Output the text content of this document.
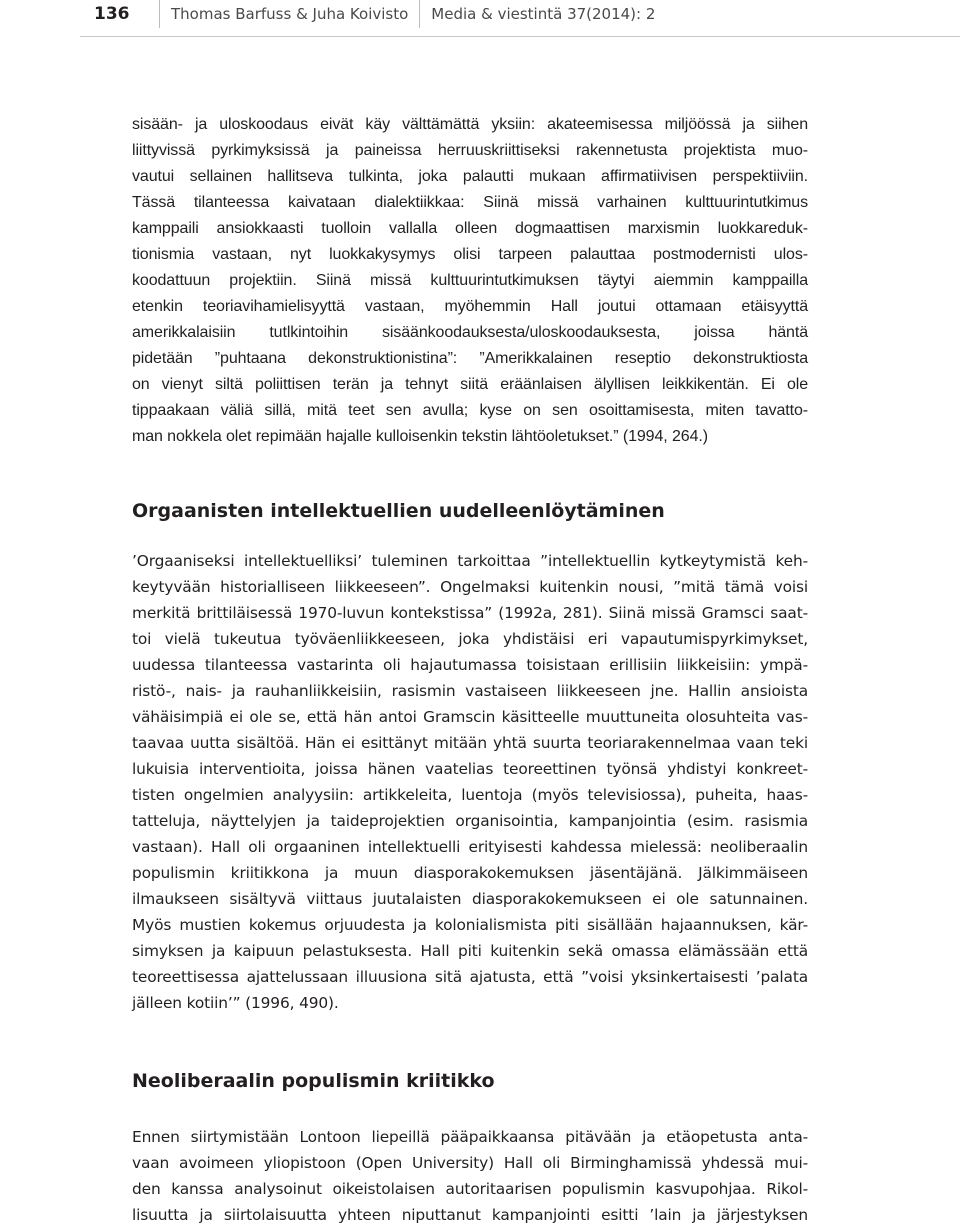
136	Thomas Barfuss & Juha Koivisto Media & viestintä 37(2014): 2
sisään- ja uloskoodaus eivät käy välttämättä yksiin: akateemisessa miljöössä ja siihen
liittyvissä pyrkimyksissä ja paineissa herruuskriittiseksi rakennetusta projektista muo-
vautui sellainen hallitseva tulkinta, joka palautti mukaan affirmatiivisen perspektiiviin.
Tässä tilanteessa kaivataan dialektiikkaa: Siinä missä varhainen kulttuurintutkimus
kamppaili ansiokkaasti tuolloin vallalla olleen dogmaattisen marxismin luokkareduk-
tionismia vastaan, nyt luokkakysymys olisi tarpeen palauttaa postmodernisti ulos-
koodattuun projektiin. Siinä missä kulttuurintutkimuksen täytyi aiemmin kamppailla
etenkin teoriavihamielisyyttä vastaan, myöhemmin Hall joutui ottamaan etäisyyttä
amerikkalaisiin tutlkintoihin sisäänkoodauksesta/uloskoodauksesta, joissa häntä
pidetään ”puhtaana dekonstruktionistina”: ”Amerikkalainen reseptio dekonstruktiosta
on vienyt siltä poliittisen terän ja tehnyt siitä eräänlaisen älyllisen leikkikentän. Ei ole
tippaakaan väliä sillä, mitä teet sen avulla; kyse on sen osoittamisesta, miten tavatto-
man nokkela olet repimään hajalle kulloisenkin tekstin lähtöoletukset.” (1994, 264.)
Orgaanisten intellektuellien uudelleenlöytäminen
’Orgaaniseksi intellektuelliksi’ tuleminen tarkoittaa ”intellektuellin kytkeytymistä keh-
keytyvään historialliseen liikkeeseen”. Ongelmaksi kuitenkin nousi, ”mitä tämä voisi
merkitä brittiläisessä 1970-luvun kontekstissa” (1992a, 281). Siinä missä Gramsci saat-
toi vielä tukeutua työväenliikkeeseen, joka yhdistäisi eri vapautumispyrkimykset,
uudessa tilanteessa vastarinta oli hajautumassa toisistaan erillisiin liikkeisiin: ympä-
ristö-, nais- ja rauhanliikkeisiin, rasismin vastaiseen liikkeeseen jne. Hallin ansioista
vähäisimpiä ei ole se, että hän antoi Gramscin käsitteelle muuttuneita olosuhteita vas-
taavaa uutta sisältöä. Hän ei esittänyt mitään yhtä suurta teoriarakennelmaa vaan teki
lukuisia interventioita, joissa hänen vaatelias teoreettinen työnsä yhdistyi konkreet-
tisten ongelmien analyysiin: artikkeleita, luentoja (myös televisiossa), puheita, haas-
tatteluja, näyttelyjen ja taideprojektien organisointia, kampanjointia (esim. rasismia
vastaan). Hall oli orgaaninen intellektuelli erityisesti kahdessa mielessä: neoliberaalin
populismin kriitikkona ja muun diasporakokemuksen jäsentäjänä. Jälkimmäiseen
ilmaukseen sisältyvä viittaus juutalaisten diasporakokemukseen ei ole satunnainen.
Myös mustien kokemus orjuudesta ja kolonialismista piti sisällään hajaannuksen, kär-
simyksen ja kaipuun pelastuksesta. Hall piti kuitenkin sekä omassa elämässään että
teoreettisessa ajattelussaan illuusiona sitä ajatusta, että ”voisi yksinkertaisesti ’palata
jälleen kotiin’” (1996, 490).
Neoliberaalin populismin kriitikko
Ennen siirtymistään Lontoon liepeillä pääpaikkaansa pitävään ja etäopetusta anta-
vaan avoimeen yliopistoon (Open University) Hall oli Birminghamissä yhdessä mui-
den kanssa analysoinut oikeistolaisen autoritaarisen populismin kasvupohjaa. Rikol-
lisuutta ja siirtolaisuutta yhteen niputtanut kampanjointi esitti ’lain ja järjestyksen
